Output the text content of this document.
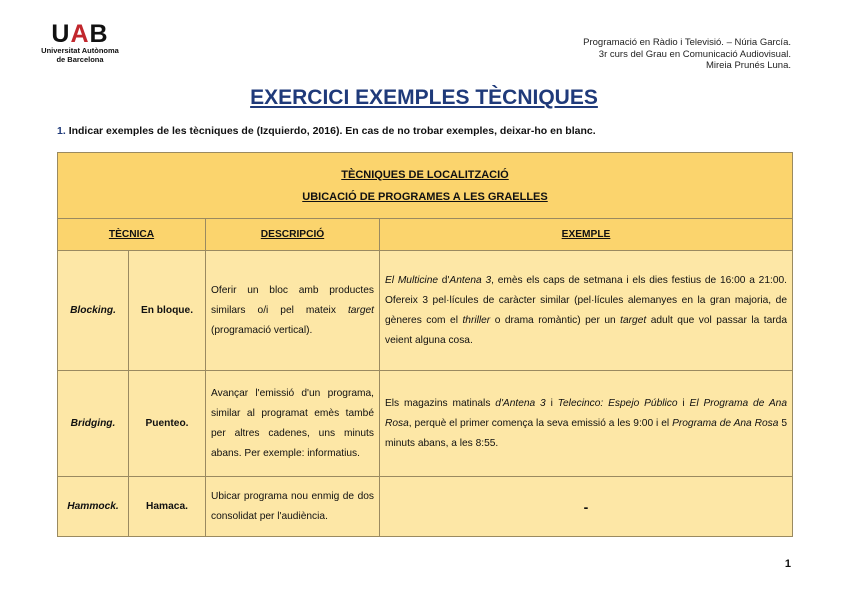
UAB
Universitat Autònoma
de Barcelona
Programació en Ràdio i Televisió. – Núria García.
3r curs del Grau en Comunicació Audiovisual.
Mireia Prunés Luna.
EXERCICI EXEMPLES TÈCNIQUES
1. Indicar exemples de les tècniques de (Izquierdo, 2016). En cas de no trobar exemples, deixar-ho en blanc.
TÈCNIQUES DE LOCALITZACIÓ
UBICACIÓ DE PROGRAMES A LES GRAELLES			

TÈCNICA		DESCRIPCIÓ	EXEMPLE
Blocking.	En bloque.	Oferir un bloc amb productes similars o/i pel mateix target (programació vertical).	El Multicine d'Antena 3, emès els caps de setmana i els dies festius de 16:00 a 21:00. Ofereix 3 pel·lícules de caràcter similar (pel·lícules alemanyes en la gran majoria, de gèneres com el thriller o drama romàntic) per un target adult que vol passar la tarda veient alguna cosa.
Bridging.	Puenteo.	Avançar l'emissió d'un programa, similar al programat emès també per altres cadenes, uns minuts abans. Per exemple: informatius.	Els magazins matinals d'Antena 3 i Telecinco: Espejo Público i El Programa de Ana Rosa, perquè el primer comença la seva emissió a les 9:00 i el Programa de Ana Rosa 5 minuts abans, a les 8:55.
Hammock.	Hamaca.	Ubicar programa nou enmig de dos consolidat per l'audiència.	-
1
